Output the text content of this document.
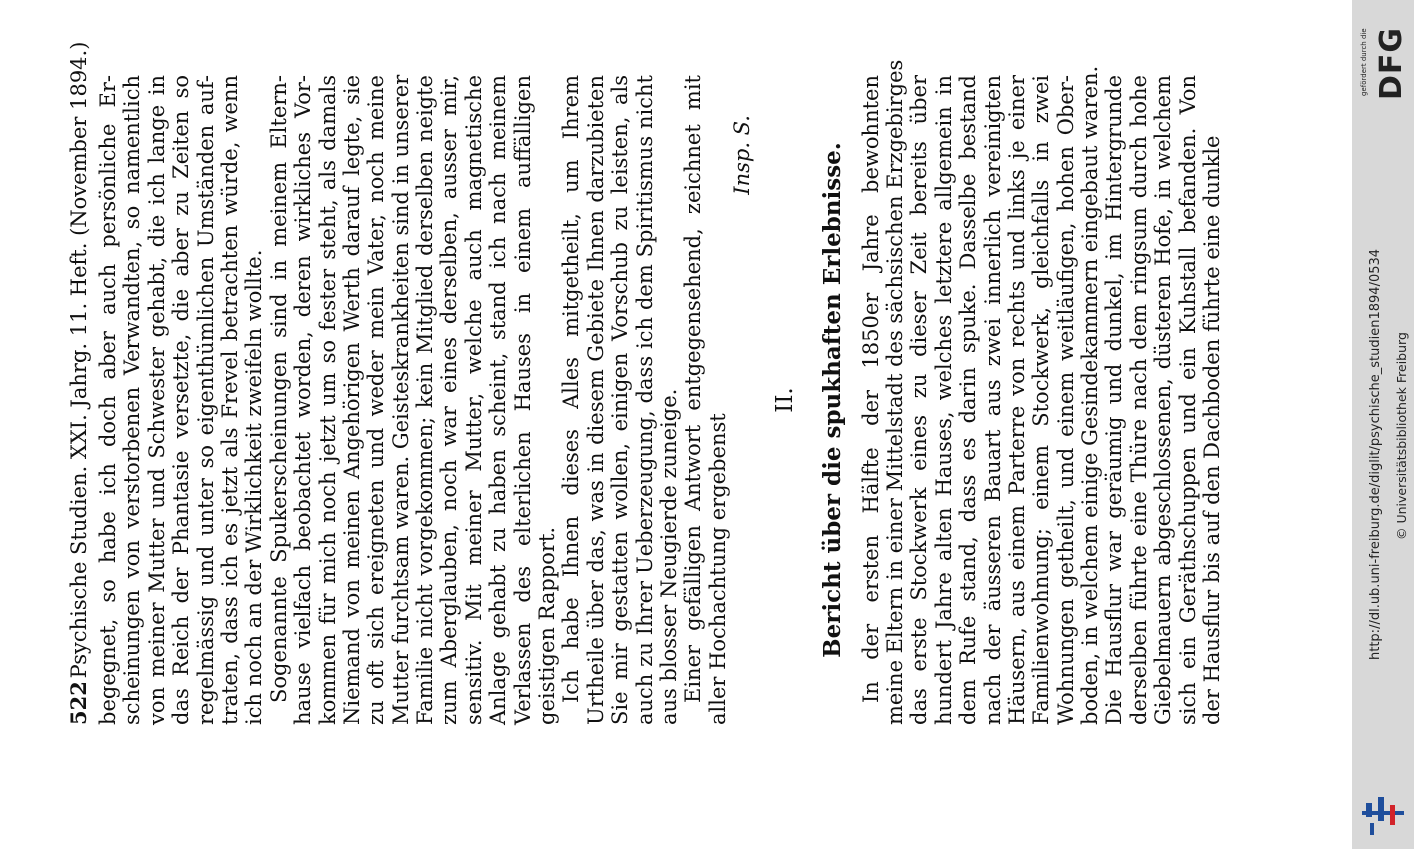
522 Psychische Studien. XXI. Jahrg. 11. Heft. (November 1894.) begegnet, so habe ich doch aber auch persönliche Er- scheinungen von verstorbenen Verwandten, so namentlich von meiner Mutter und Schwester gehabt, die ich lange in das Reich der Phantasie versetzte, die aber zu Zeiten so regelmässig und unter so eigenthümlichen Umständen auf- traten, dass ich es jetzt als Frevel betrachten würde, wenn ich noch an der Wirklichkeit zweifeln wollte. Sogenannte Spukerscheinungen sind in meinem Eltern- hause vielfach beobachtet worden, deren wirkliches Vor- kommen für mich noch jetzt um so fester steht, als damals Niemand von meinen Angehörigen Werth darauf legte, sie zu oft sich ereigneten und weder mein Vater, noch meine Mutter furchtsam waren. Geisteskrankheiten sind in unserer Familie nicht vorgekommen; kein Mitglied derselben neigte zum Aberglauben, noch war eines derselben, ausser mir, sensitiv. Mit meiner Mutter, welche auch magnetische Anlage gehabt zu haben scheint, stand ich nach meinem Verlassen des elterlichen Hauses in einem auffälligen geistigen Rapport. Ich habe Ihnen dieses Alles mitgetheilt, um Ihrem Urtheile über das, was in diesem Gebiete Ihnen darzubieten Sie mir gestatten wollen, einigen Vorschub zu leisten, als auch zu Ihrer Ueberzeugung, dass ich dem Spiritismus nicht aus blosser Neugierde zuneige. Einer gefälligen Antwort entgegensehend, zeichnet mit aller Hochachtung ergebenst
Insp. S.
II. Bericht über die spukhaften Erlebnisse. In der ersten Hälfte der 1850er Jahre bewohnten meine Eltern in einer Mittelstadt des sächsischen Erzgebirges das erste Stockwerk eines zu dieser Zeit bereits über hundert Jahre alten Hauses, welches letztere allgemein in dem Rufe stand, dass es darin spuke. Dasselbe bestand nach der äusseren Bauart aus zwei innerlich vereinigten Häusern, aus einem Parterre von rechts und links je einer Familienwohnung; einem Stockwerk, gleichfalls in zwei Wohnungen getheilt, und einem weitläufigen, hohen Ober- boden, in welchem einige Gesindekammern eingebaut waren. Die Hausflur war geräumig und dunkel, im Hintergrunde derselben führte eine Thüre nach dem ringsum durch hohe Giebelmauern abgeschlossenen, düsteren Hofe, in welchem sich ein Geräthschuppen und ein Kuhstall befanden. Von der Hausflur bis auf den Dachboden führte eine dunkle
gefördert durch die DFG
http://dl.ub.uni-freiburg.de/diglit/psychische_studien1894/0534 © Universitätsbibliothek Freiburg
